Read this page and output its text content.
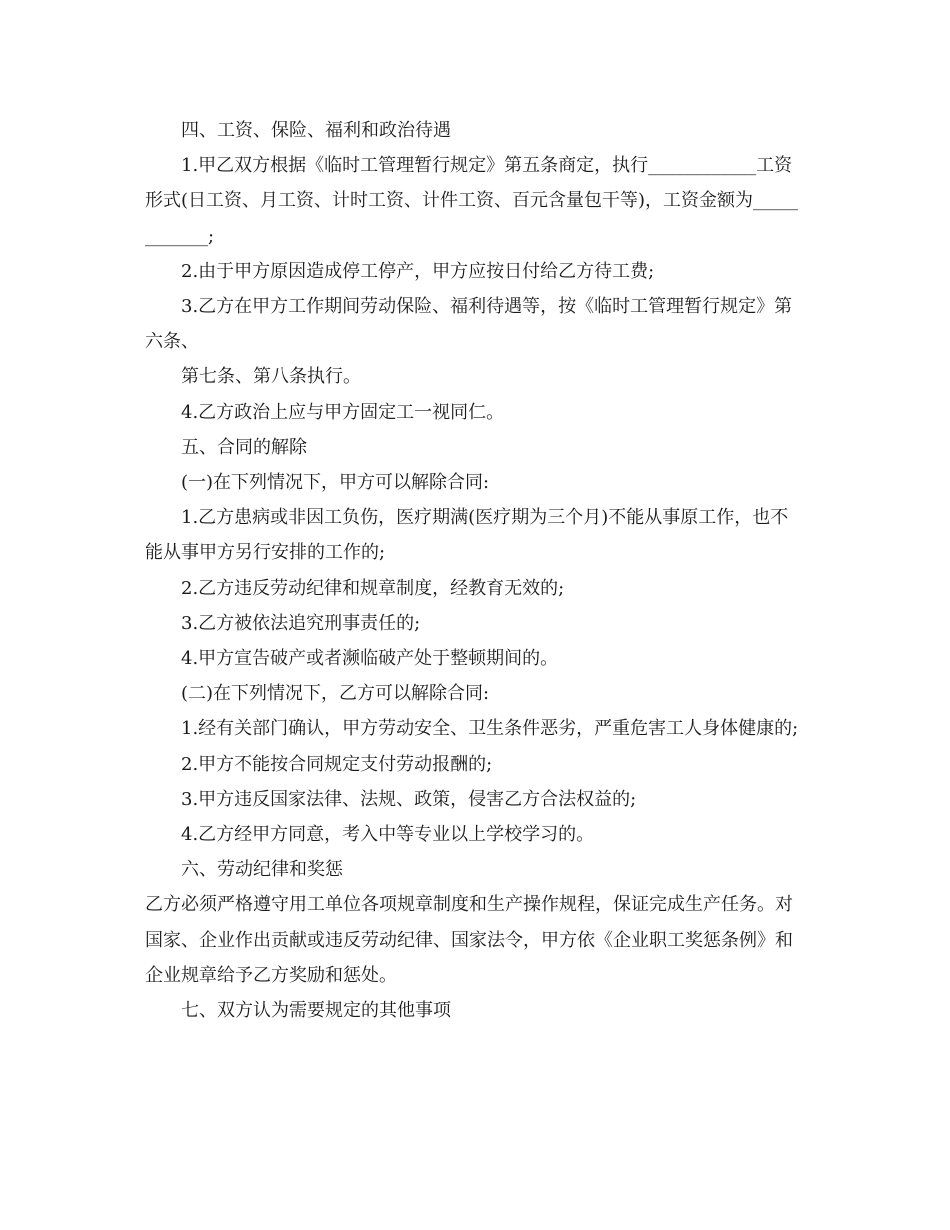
四、工资、保险、福利和政治待遇

1.甲乙双方根据《临时工管理暂行规定》第五条商定，执行____________工资形式(日工资、月工资、计时工资、计件工资、百元含量包干等)，工资金额为____________;

2.由于甲方原因造成停工停产，甲方应按日付给乙方待工费;

3.乙方在甲方工作期间劳动保险、福利待遇等，按《临时工管理暂行规定》第六条、

第七条、第八条执行。

4.乙方政治上应与甲方固定工一视同仁。

五、合同的解除

(一)在下列情况下，甲方可以解除合同:

1.乙方患病或非因工负伤，医疗期满(医疗期为三个月)不能从事原工作，也不能从事甲方另行安排的工作的;

2.乙方违反劳动纪律和规章制度，经教育无效的;

3.乙方被依法追究刑事责任的;

4.甲方宣告破产或者濒临破产处于整顿期间的。

(二)在下列情况下，乙方可以解除合同:

1.经有关部门确认，甲方劳动安全、卫生条件恶劣，严重危害工人身体健康的;

2.甲方不能按合同规定支付劳动报酬的;

3.甲方违反国家法律、法规、政策，侵害乙方合法权益的;

4.乙方经甲方同意，考入中等专业以上学校学习的。

六、劳动纪律和奖惩

乙方必须严格遵守用工单位各项规章制度和生产操作规程，保证完成生产任务。对国家、企业作出贡献或违反劳动纪律、国家法令，甲方依《企业职工奖惩条例》和企业规章给予乙方奖励和惩处。

七、双方认为需要规定的其他事项
